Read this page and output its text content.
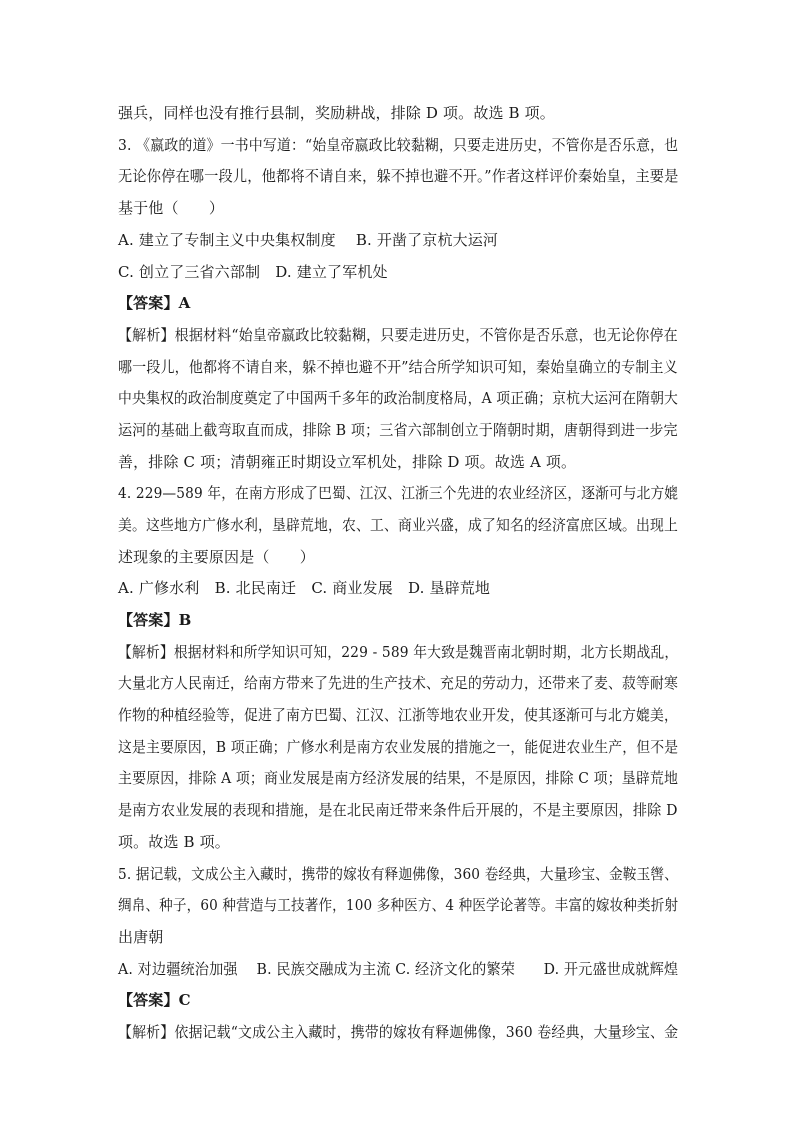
强兵，同样也没有推行县制，奖励耕战，排除 D 项。故选 B 项。
3. 《嬴政的道》一书中写道：“始皇帝嬴政比较黏糊，只要走进历史，不管你是否乐意，也
无论你停在哪一段儿，他都将不请自来，躲不掉也避不开。”作者这样评价秦始皇，主要是
基于他（　　）
A. 建立了专制主义中央集权制度　 B. 开凿了京杭大运河
C. 创立了三省六部制　D. 建立了军机处
【答案】A
【解析】根据材料“始皇帝嬴政比较黏糊，只要走进历史，不管你是否乐意，也无论你停在
哪一段儿，他都将不请自来，躲不掉也避不开”结合所学知识可知，秦始皇确立的专制主义
中央集权的政治制度奠定了中国两千多年的政治制度格局，A 项正确；京杭大运河在隋朝大
运河的基础上截弯取直而成，排除 B 项；三省六部制创立于隋朝时期，唐朝得到进一步完
善，排除 C 项；清朝雍正时期设立军机处，排除 D 项。故选 A 项。
4. 229—589 年，在南方形成了巴蜀、江汉、江浙三个先进的农业经济区，逐渐可与北方媲
美。这些地方广修水利，垦辟荒地，农、工、商业兴盛，成了知名的经济富庶区域。出现上
述现象的主要原因是（　　）
A. 广修水利　B. 北民南迁　C. 商业发展　D. 垦辟荒地
【答案】B
【解析】根据材料和所学知识可知，229 - 589 年大致是魏晋南北朝时期，北方长期战乱，
大量北方人民南迁，给南方带来了先进的生产技术、充足的劳动力，还带来了麦、菽等耐寒
作物的种植经验等，促进了南方巴蜀、江汉、江浙等地农业开发，使其逐渐可与北方媲美，
这是主要原因，B 项正确；广修水利是南方农业发展的措施之一，能促进农业生产，但不是
主要原因，排除 A 项；商业发展是南方经济发展的结果，不是原因，排除 C 项；垦辟荒地
是南方农业发展的表现和措施，是在北民南迁带来条件后开展的，不是主要原因，排除 D
项。故选 B 项。
5. 据记载，文成公主入藏时，携带的嫁妆有释迦佛像，360 卷经典，大量珍宝、金鞍玉辔、
绸帛、种子，60 种营造与工技著作，100 多种医方、4 种医学论著等。丰富的嫁妆种类折射
出唐朝
A. 对边疆统治加强　 B. 民族交融成为主流 C. 经济文化的繁荣　　D. 开元盛世成就辉煌
【答案】C
【解析】依据记载“文成公主入藏时，携带的嫁妆有释迦佛像，360 卷经典，大量珍宝、金
